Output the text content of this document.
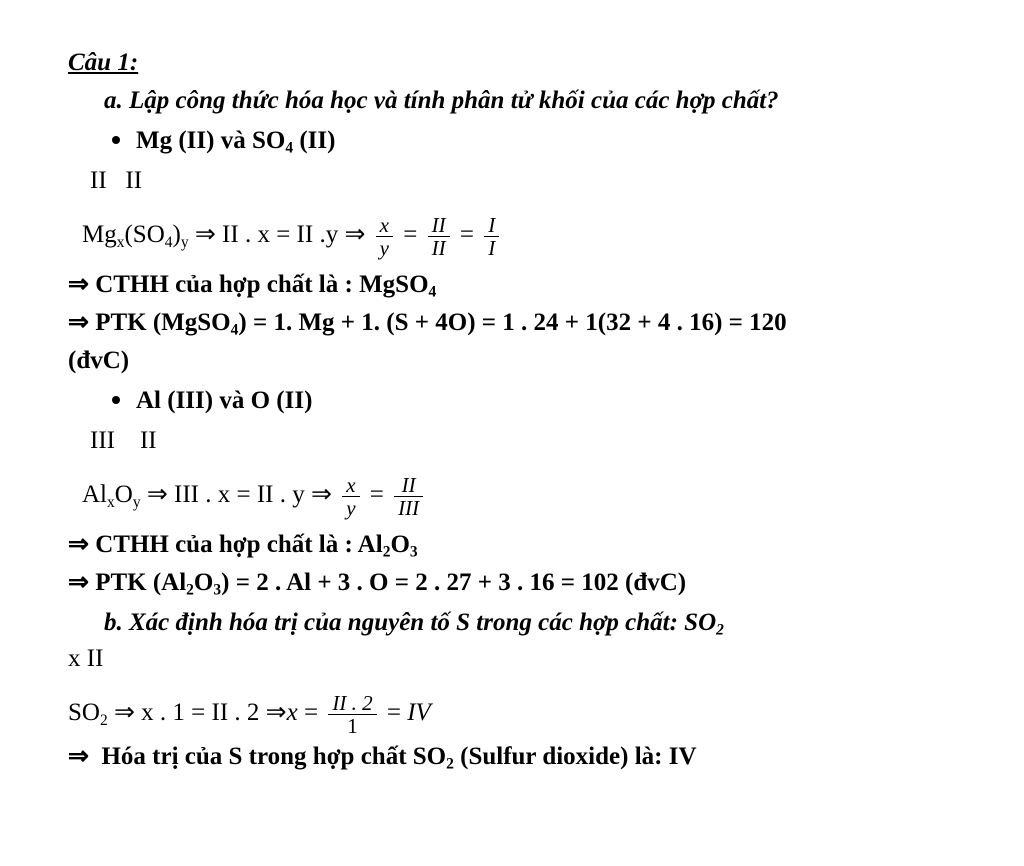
Câu 1:
a. Lập công thức hóa học và tính phân tử khối của các hợp chất?
Mg (II) và $SO_4$ (II)
II   II
$Mg_x(SO_4)_y$ ⇒ II . x = II .y ⇒ $\frac{x}{y} = \frac{II}{II} = \frac{I}{I}$
⇒ CTHH của hợp chất là : MgSO$_4$
⇒ PTK (MgSO$_4$) = 1. Mg + 1. (S + 4O) = 1 . 24 + 1(32 + 4 . 16) = 120
(đvC)
Al (III) và O (II)
III    II
$Al_xO_y$ ⇒ III . x = II . y ⇒ $\frac{x}{y} = \frac{II}{\text{III}}$
⇒ CTHH của hợp chất là : $Al_2O_3$
⇒ PTK $(Al_2O_3) = 2$ . Al + 3 . O = 2 . 27 + 3 . 16 = 102 (đvC)
b. Xác định hóa trị của nguyên tố S trong các hợp chất: $SO_2$
x II
$SO_2$ ⇒ x . 1 = II . 2 ⇒x = $\frac{II . 2}{1}$ = IV
⇒  Hóa trị của S trong hợp chất $SO_2$ (Sulfur dioxide) là: IV
